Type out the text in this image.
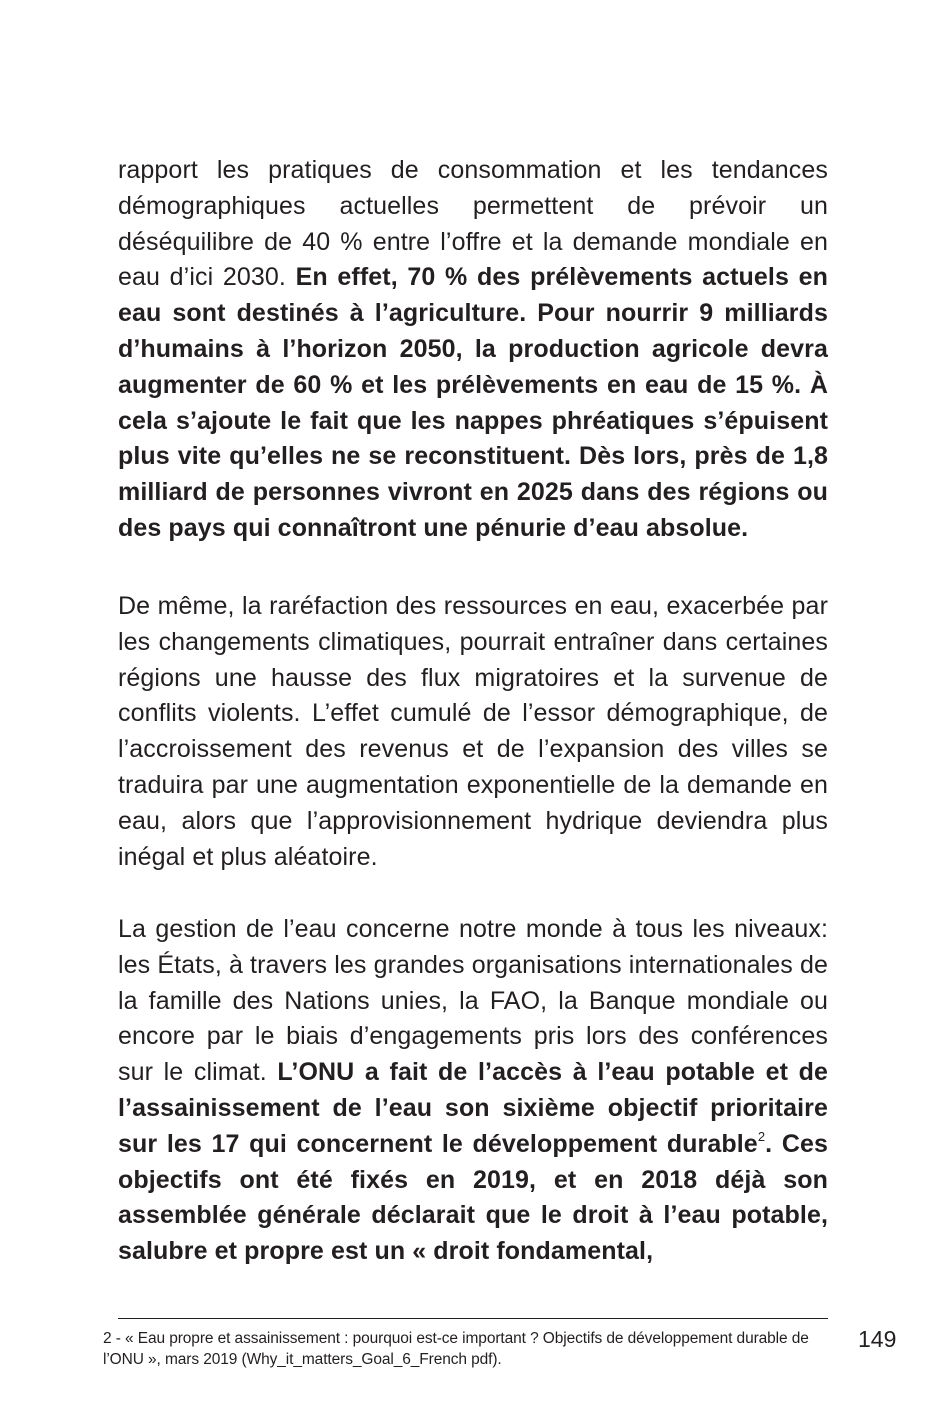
rapport les pratiques de consommation et les tendances démographiques actuelles permettent de prévoir un déséquilibre de 40 % entre l’offre et la demande mondiale en eau d’ici 2030. En effet, 70 % des prélèvements actuels en eau sont destinés à l’agriculture. Pour nourrir 9 milliards d’humains à l’horizon 2050, la production agricole devra augmenter de 60 % et les prélèvements en eau de 15 %. À cela s’ajoute le fait que les nappes phréatiques s’épuisent plus vite qu’elles ne se reconstituent. Dès lors, près de 1,8 milliard de personnes vivront en 2025 dans des régions ou des pays qui connaîtront une pénurie d’eau absolue.
De même, la raréfaction des ressources en eau, exacerbée par les changements climatiques, pourrait entraîner dans certaines régions une hausse des flux migratoires et la survenue de conflits violents. L’effet cumulé de l’essor démographique, de l’accroissement des revenus et de l’expansion des villes se traduira par une augmentation exponentielle de la demande en eau, alors que l’approvisionnement hydrique deviendra plus inégal et plus aléatoire.
La gestion de l’eau concerne notre monde à tous les niveaux: les États, à travers les grandes organisations internationales de la famille des Nations unies, la FAO, la Banque mondiale ou encore par le biais d’engagements pris lors des conférences sur le climat. L’ONU a fait de l’accès à l’eau potable et de l’assainissement de l’eau son sixième objectif prioritaire sur les 17 qui concernent le développement durable$^2$. Ces objectifs ont été fixés en 2019, et en 2018 déjà son assemblée générale déclarait que le droit à l’eau potable, salubre et propre est un « droit fondamental,
2 - « Eau propre et assainissement : pourquoi est-ce important ? Objectifs de développement durable de l’ONU », mars 2019 (Why_it_matters_Goal_6_French pdf).
149
